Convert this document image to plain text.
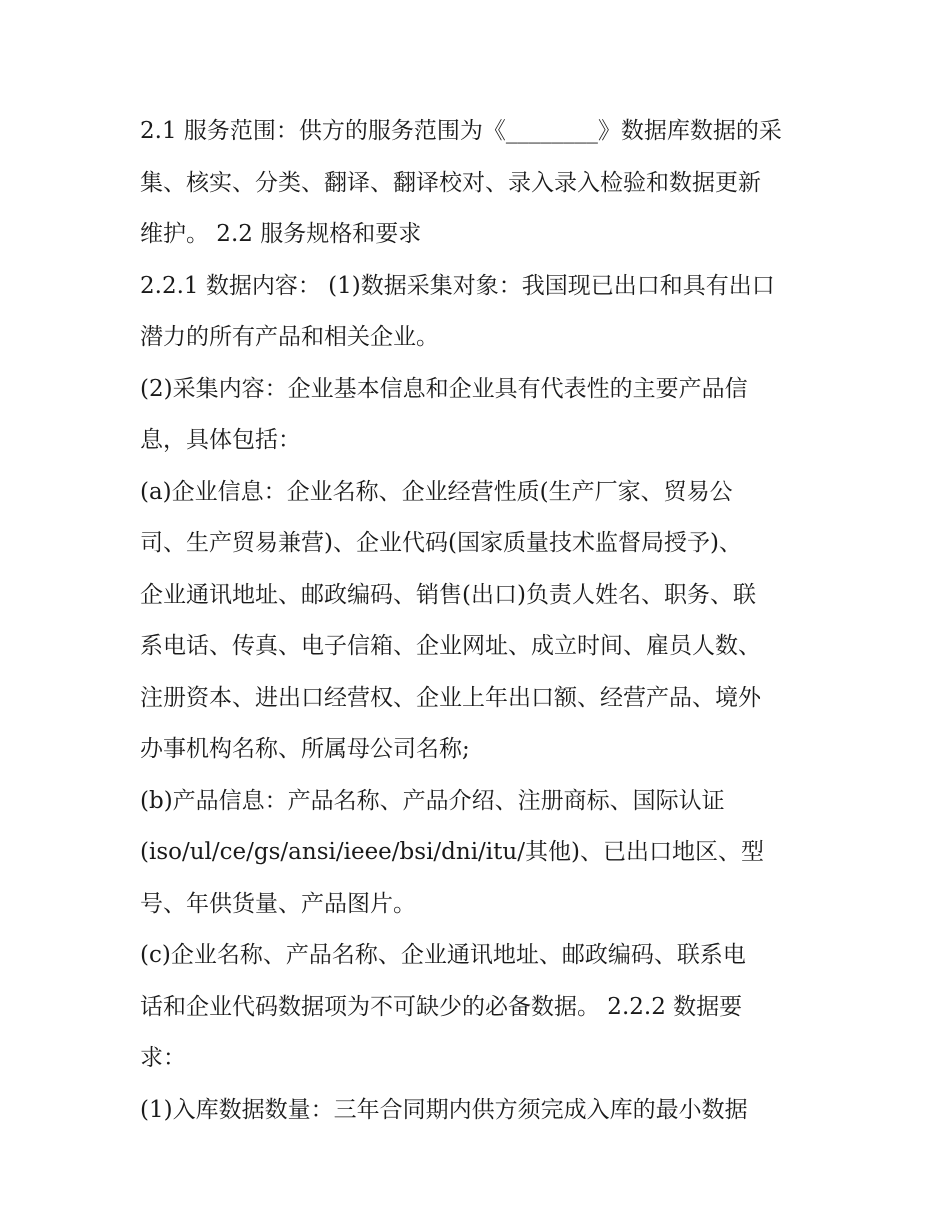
2.1 服务范围：供方的服务范围为《________》数据库数据的采
集、核实、分类、翻译、翻译校对、录入录入检验和数据更新
维护。 2.2 服务规格和要求
2.2.1 数据内容： (1)数据采集对象：我国现已出口和具有出口
潜力的所有产品和相关企业。
(2)采集内容：企业基本信息和企业具有代表性的主要产品信
息，具体包括：
(a)企业信息：企业名称、企业经营性质(生产厂家、贸易公
司、生产贸易兼营)、企业代码(国家质量技术监督局授予)、
企业通讯地址、邮政编码、销售(出口)负责人姓名、职务、联
系电话、传真、电子信箱、企业网址、成立时间、雇员人数、
注册资本、进出口经营权、企业上年出口额、经营产品、境外
办事机构名称、所属母公司名称;
(b)产品信息：产品名称、产品介绍、注册商标、国际认证
(iso/ul/ce/gs/ansi/ieee/bsi/dni/itu/其他)、已出口地区、型
号、年供货量、产品图片。
(c)企业名称、产品名称、企业通讯地址、邮政编码、联系电
话和企业代码数据项为不可缺少的必备数据。 2.2.2 数据要
求：
(1)入库数据数量：三年合同期内供方须完成入库的最小数据
